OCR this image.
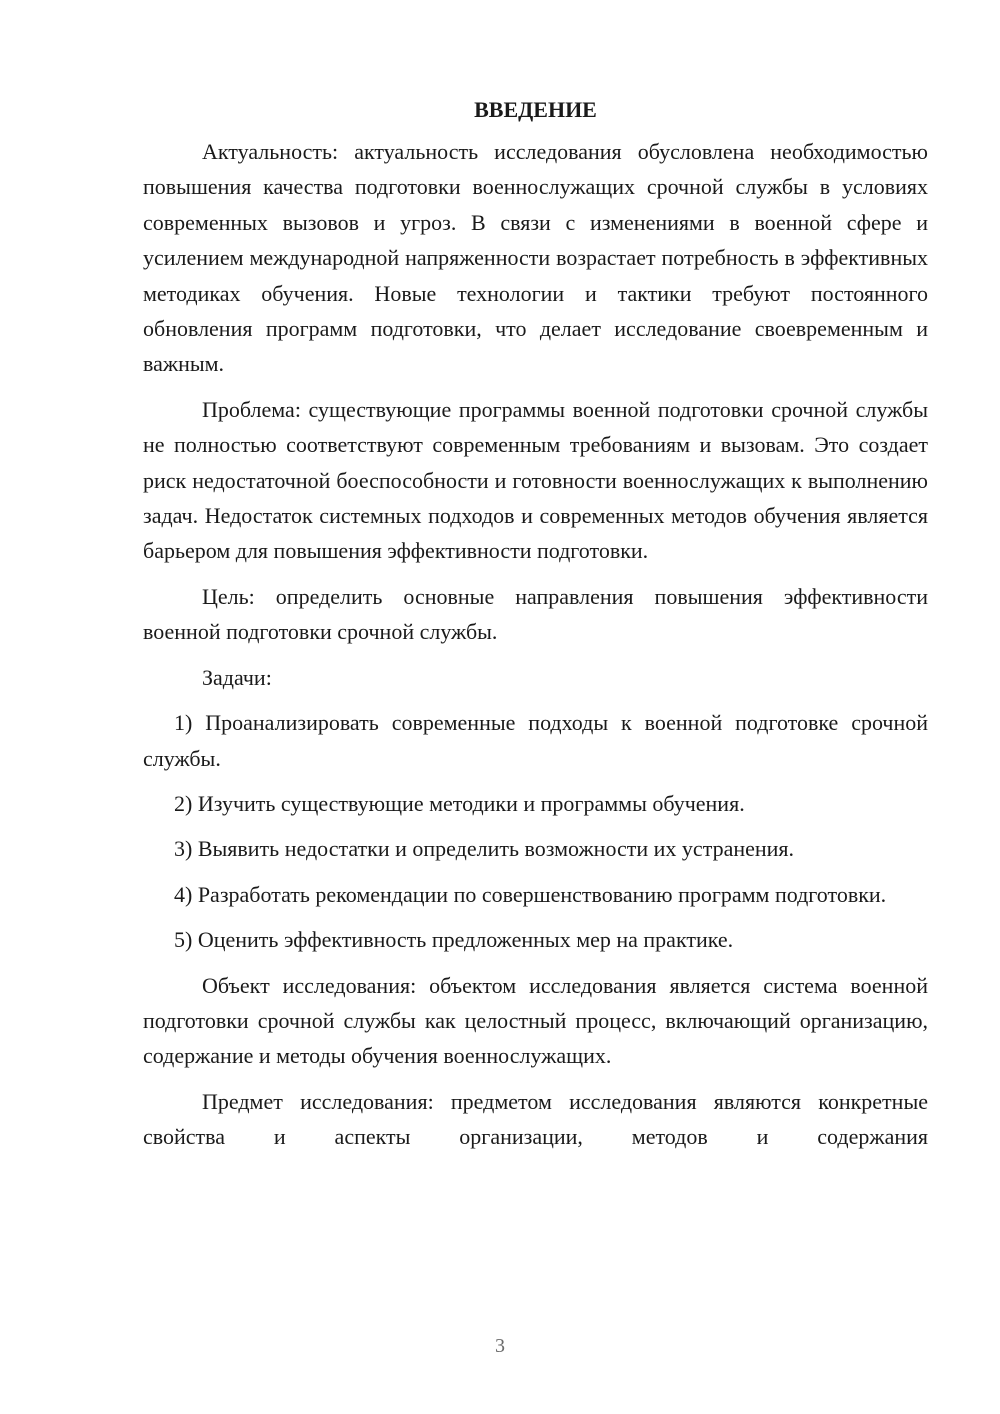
ВВЕДЕНИЕ

Актуальность: актуальность исследования обусловлена необходимостью повышения качества подготовки военнослужащих срочной службы в условиях современных вызовов и угроз. В связи с изменениями в военной сфере и усилением международной напряженности возрастает потребность в эффективных методиках обучения. Новые технологии и тактики требуют постоянного обновления программ подготовки, что делает исследование своевременным и важным.

Проблема: существующие программы военной подготовки срочной службы не полностью соответствуют современным требованиям и вызовам. Это создает риск недостаточной боеспособности и готовности военнослужащих к выполнению задач. Недостаток системных подходов и современных методов обучения является барьером для повышения эффективности подготовки.

Цель: определить основные направления повышения эффективности военной подготовки срочной службы.

Задачи:

1) Проанализировать современные подходы к военной подготовке срочной службы.

2) Изучить существующие методики и программы обучения.

3) Выявить недостатки и определить возможности их устранения.

4) Разработать рекомендации по совершенствованию программ подготовки.

5) Оценить эффективность предложенных мер на практике.

Объект исследования: объектом исследования является система военной подготовки срочной службы как целостный процесс, включающий организацию, содержание и методы обучения военнослужащих.

Предмет исследования: предметом исследования являются конкретные свойства и аспекты организации, методов и содержания

3
